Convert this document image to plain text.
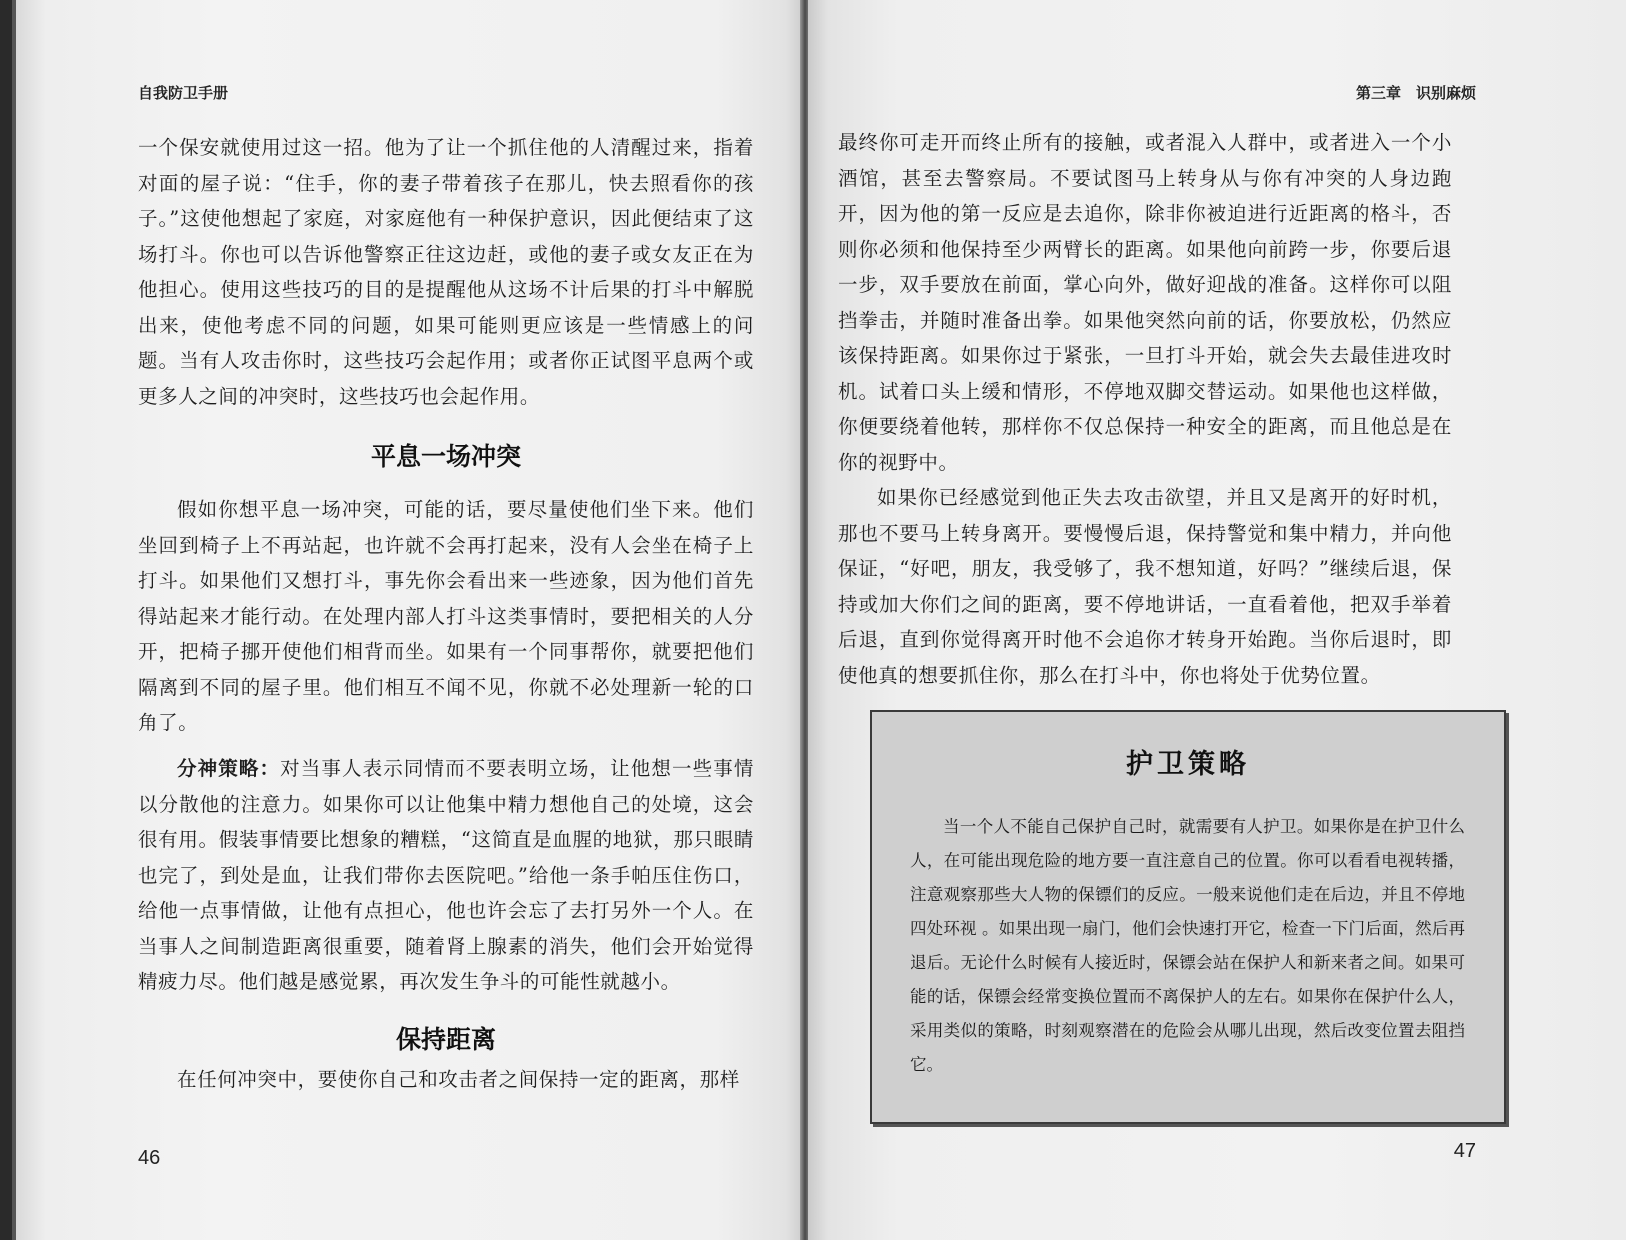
自我防卫手册

一个保安就使用过这一招。他为了让一个抓住他的人清醒过来，指着对面的屋子说：“住手，你的妻子带着孩子在那儿，快去照看你的孩子。”这使他想起了家庭，对家庭他有一种保护意识，因此便结束了这场打斗。你也可以告诉他警察正往这边赶，或他的妻子或女友正在为他担心。使用这些技巧的目的是提醒他从这场不计后果的打斗中解脱出来，使他考虑不同的问题，如果可能则更应该是一些情感上的问题。当有人攻击你时，这些技巧会起作用；或者你正试图平息两个或更多人之间的冲突时，这些技巧也会起作用。

平息一场冲突

假如你想平息一场冲突，可能的话，要尽量使他们坐下来。他们坐回到椅子上不再站起，也许就不会再打起来，没有人会坐在椅子上打斗。如果他们又想打斗，事先你会看出来一些迹象，因为他们首先得站起来才能行动。在处理内部人打斗这类事情时，要把相关的人分开，把椅子挪开使他们相背而坐。如果有一个同事帮你，就要把他们隔离到不同的屋子里。他们相互不闻不见，你就不必处理新一轮的口角了。

分神策略：对当事人表示同情而不要表明立场，让他想一些事情以分散他的注意力。如果你可以让他集中精力想他自己的处境，这会很有用。假装事情要比想象的糟糕，“这简直是血腥的地狱，那只眼睛也完了，到处是血，让我们带你去医院吧。”给他一条手帕压住伤口，给他一点事情做，让他有点担心，他也许会忘了去打另外一个人。在当事人之间制造距离很重要，随着肾上腺素的消失，他们会开始觉得精疲力尽。他们越是感觉累，再次发生争斗的可能性就越小。

保持距离

在任何冲突中，要使你自己和攻击者之间保持一定的距离，那样

46
第三章　识别麻烦

最终你可走开而终止所有的接触，或者混入人群中，或者进入一个小酒馆，甚至去警察局。不要试图马上转身从与你有冲突的人身边跑开，因为他的第一反应是去追你，除非你被迫进行近距离的格斗，否则你必须和他保持至少两臂长的距离。如果他向前跨一步，你要后退一步，双手要放在前面，掌心向外，做好迎战的准备。这样你可以阻挡拳击，并随时准备出拳。如果他突然向前的话，你要放松，仍然应该保持距离。如果你过于紧张，一旦打斗开始，就会失去最佳进攻时机。试着口头上缓和情形，不停地双脚交替运动。如果他也这样做，你便要绕着他转，那样你不仅总保持一种安全的距离，而且他总是在你的视野中。

如果你已经感觉到他正失去攻击欲望，并且又是离开的好时机，那也不要马上转身离开。要慢慢后退，保持警觉和集中精力，并向他保证，“好吧，朋友，我受够了，我不想知道，好吗？”继续后退，保持或加大你们之间的距离，要不停地讲话，一直看着他，把双手举着后退，直到你觉得离开时他不会追你才转身开始跑。当你后退时，即使他真的想要抓住你，那么在打斗中，你也将处于优势位置。

护卫策略

当一个人不能自己保护自己时，就需要有人护卫。如果你是在护卫什么人，在可能出现危险的地方要一直注意自己的位置。你可以看看电视转播，注意观察那些大人物的保镖们的反应。一般来说他们走在后边，并且不停地四处环视 。如果出现一扇门，他们会快速打开它，检查一下门后面，然后再退后。无论什么时候有人接近时，保镖会站在保护人和新来者之间。如果可能的话，保镖会经常变换位置而不离保护人的左右。如果你在保护什么人，采用类似的策略，时刻观察潜在的危险会从哪儿出现，然后改变位置去阻挡它。

47
